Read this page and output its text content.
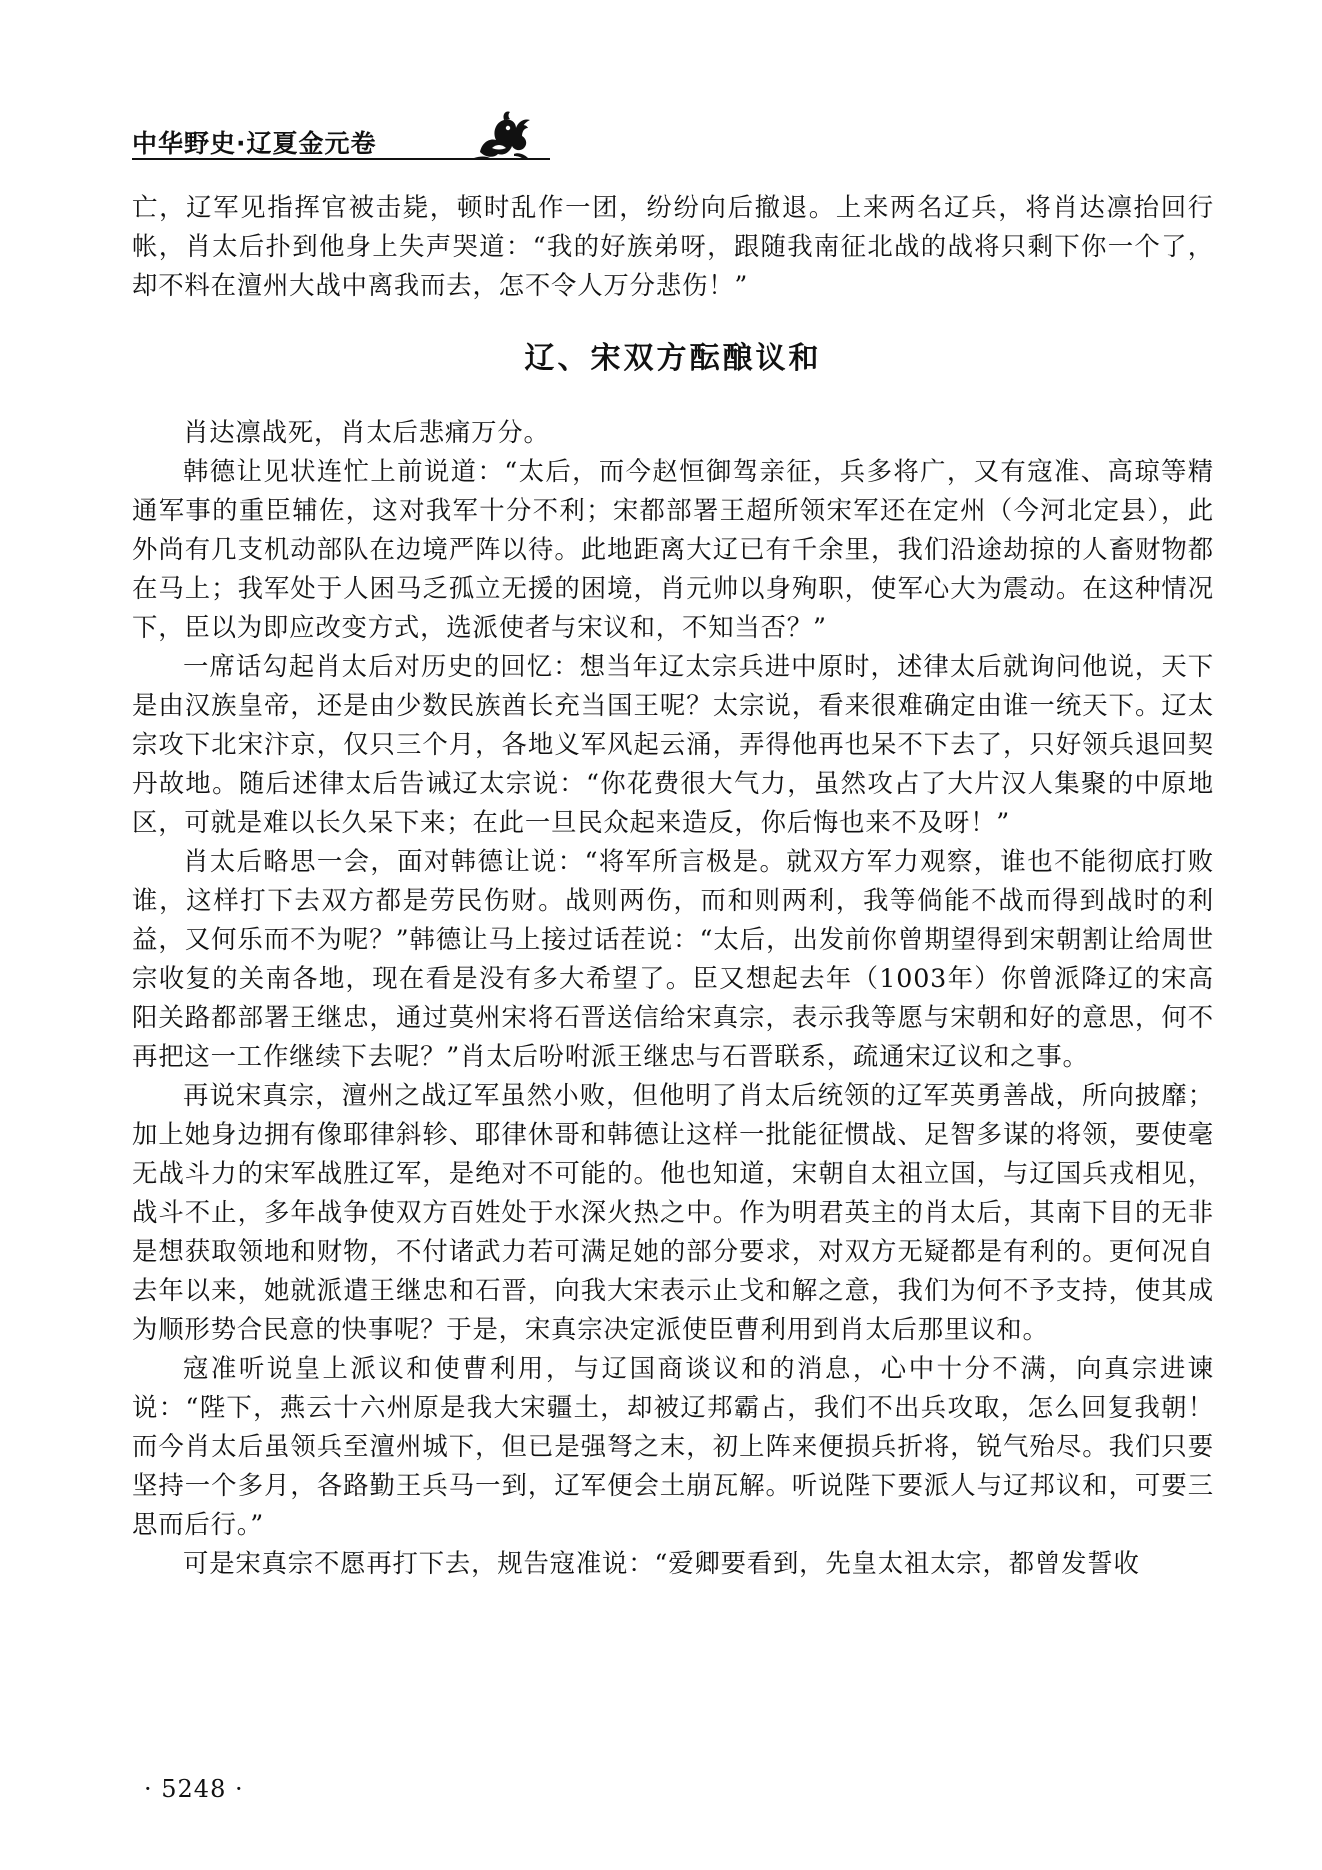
中华野史·辽夏金元卷

亡，辽军见指挥官被击毙，顿时乱作一团，纷纷向后撤退。上来两名辽兵，将肖达凛抬回行帐，肖太后扑到他身上失声哭道：“我的好族弟呀，跟随我南征北战的战将只剩下你一个了，却不料在澶州大战中离我而去，怎不令人万分悲伤！”

辽、宋双方酝酿议和

肖达凛战死，肖太后悲痛万分。

韩德让见状连忙上前说道：“太后，而今赵恒御驾亲征，兵多将广，又有寇准、高琼等精通军事的重臣辅佐，这对我军十分不利；宋都部署王超所领宋军还在定州（今河北定县），此外尚有几支机动部队在边境严阵以待。此地距离大辽已有千余里，我们沿途劫掠的人畜财物都在马上；我军处于人困马乏孤立无援的困境，肖元帅以身殉职，使军心大为震动。在这种情况下，臣以为即应改变方式，选派使者与宋议和，不知当否？”

一席话勾起肖太后对历史的回忆：想当年辽太宗兵进中原时，述律太后就询问他说，天下是由汉族皇帝，还是由少数民族酋长充当国王呢？太宗说，看来很难确定由谁一统天下。辽太宗攻下北宋汴京，仅只三个月，各地义军风起云涌，弄得他再也呆不下去了，只好领兵退回契丹故地。随后述律太后告诫辽太宗说：“你花费很大气力，虽然攻占了大片汉人集聚的中原地区，可就是难以长久呆下来；在此一旦民众起来造反，你后悔也来不及呀！”

肖太后略思一会，面对韩德让说：“将军所言极是。就双方军力观察，谁也不能彻底打败谁，这样打下去双方都是劳民伤财。战则两伤，而和则两利，我等倘能不战而得到战时的利益，又何乐而不为呢？”韩德让马上接过话茬说：“太后，出发前你曾期望得到宋朝割让给周世宗收复的关南各地，现在看是没有多大希望了。臣又想起去年（1003年）你曾派降辽的宋高阳关路都部署王继忠，通过莫州宋将石晋送信给宋真宗，表示我等愿与宋朝和好的意思，何不再把这一工作继续下去呢？”肖太后吩咐派王继忠与石晋联系，疏通宋辽议和之事。

再说宋真宗，澶州之战辽军虽然小败，但他明了肖太后统领的辽军英勇善战，所向披靡；加上她身边拥有像耶律斜轸、耶律休哥和韩德让这样一批能征惯战、足智多谋的将领，要使毫无战斗力的宋军战胜辽军，是绝对不可能的。他也知道，宋朝自太祖立国，与辽国兵戎相见，战斗不止，多年战争使双方百姓处于水深火热之中。作为明君英主的肖太后，其南下目的无非是想获取领地和财物，不付诸武力若可满足她的部分要求，对双方无疑都是有利的。更何况自去年以来，她就派遣王继忠和石晋，向我大宋表示止戈和解之意，我们为何不予支持，使其成为顺形势合民意的快事呢？于是，宋真宗决定派使臣曹利用到肖太后那里议和。

寇准听说皇上派议和使曹利用，与辽国商谈议和的消息，心中十分不满，向真宗进谏说：“陛下，燕云十六州原是我大宋疆土，却被辽邦霸占，我们不出兵攻取，怎么回复我朝！而今肖太后虽领兵至澶州城下，但已是强弩之末，初上阵来便损兵折将，锐气殆尽。我们只要坚持一个多月，各路勤王兵马一到，辽军便会土崩瓦解。听说陛下要派人与辽邦议和，可要三思而后行。”

可是宋真宗不愿再打下去，规告寇准说：“爱卿要看到，先皇太祖太宗，都曾发誓收

· 5248 ·
